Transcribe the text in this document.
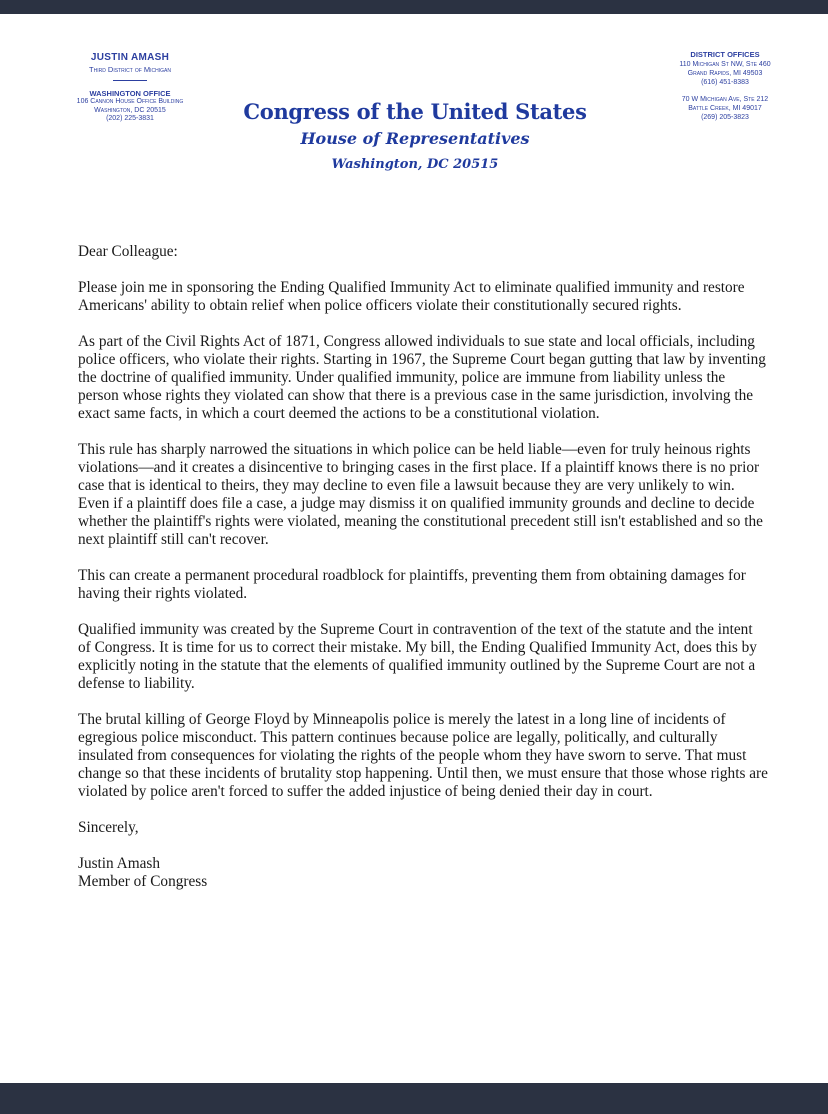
JUSTIN AMASH
Third District of Michigan
WASHINGTON OFFICE
106 Cannon House Office Building
Washington, DC 20515
(202) 225-3831	Congress of the United States
House of Representatives
Washington, DC 20515
DISTRICT OFFICES
110 Michigan St NW, Ste 460
Grand Rapids, MI 49503
(616) 451-8383
70 W Michigan Ave, Ste 212
Battle Creek, MI 49017
(269) 205-3823

Dear Colleague:

Please join me in sponsoring the Ending Qualified Immunity Act to eliminate qualified immunity and restore Americans' ability to obtain relief when police officers violate their constitutionally secured rights.

As part of the Civil Rights Act of 1871, Congress allowed individuals to sue state and local officials, including police officers, who violate their rights. Starting in 1967, the Supreme Court began gutting that law by inventing the doctrine of qualified immunity. Under qualified immunity, police are immune from liability unless the person whose rights they violated can show that there is a previous case in the same jurisdiction, involving the exact same facts, in which a court deemed the actions to be a constitutional violation.

This rule has sharply narrowed the situations in which police can be held liable—even for truly heinous rights violations—and it creates a disincentive to bringing cases in the first place. If a plaintiff knows there is no prior case that is identical to theirs, they may decline to even file a lawsuit because they are very unlikely to win. Even if a plaintiff does file a case, a judge may dismiss it on qualified immunity grounds and decline to decide whether the plaintiff's rights were violated, meaning the constitutional precedent still isn't established and so the next plaintiff still can't recover.

This can create a permanent procedural roadblock for plaintiffs, preventing them from obtaining damages for having their rights violated.

Qualified immunity was created by the Supreme Court in contravention of the text of the statute and the intent of Congress. It is time for us to correct their mistake. My bill, the Ending Qualified Immunity Act, does this by explicitly noting in the statute that the elements of qualified immunity outlined by the Supreme Court are not a defense to liability.

The brutal killing of George Floyd by Minneapolis police is merely the latest in a long line of incidents of egregious police misconduct. This pattern continues because police are legally, politically, and culturally insulated from consequences for violating the rights of the people whom they have sworn to serve. That must change so that these incidents of brutality stop happening. Until then, we must ensure that those whose rights are violated by police aren't forced to suffer the added injustice of being denied their day in court.

Sincerely,

Justin Amash
Member of Congress
